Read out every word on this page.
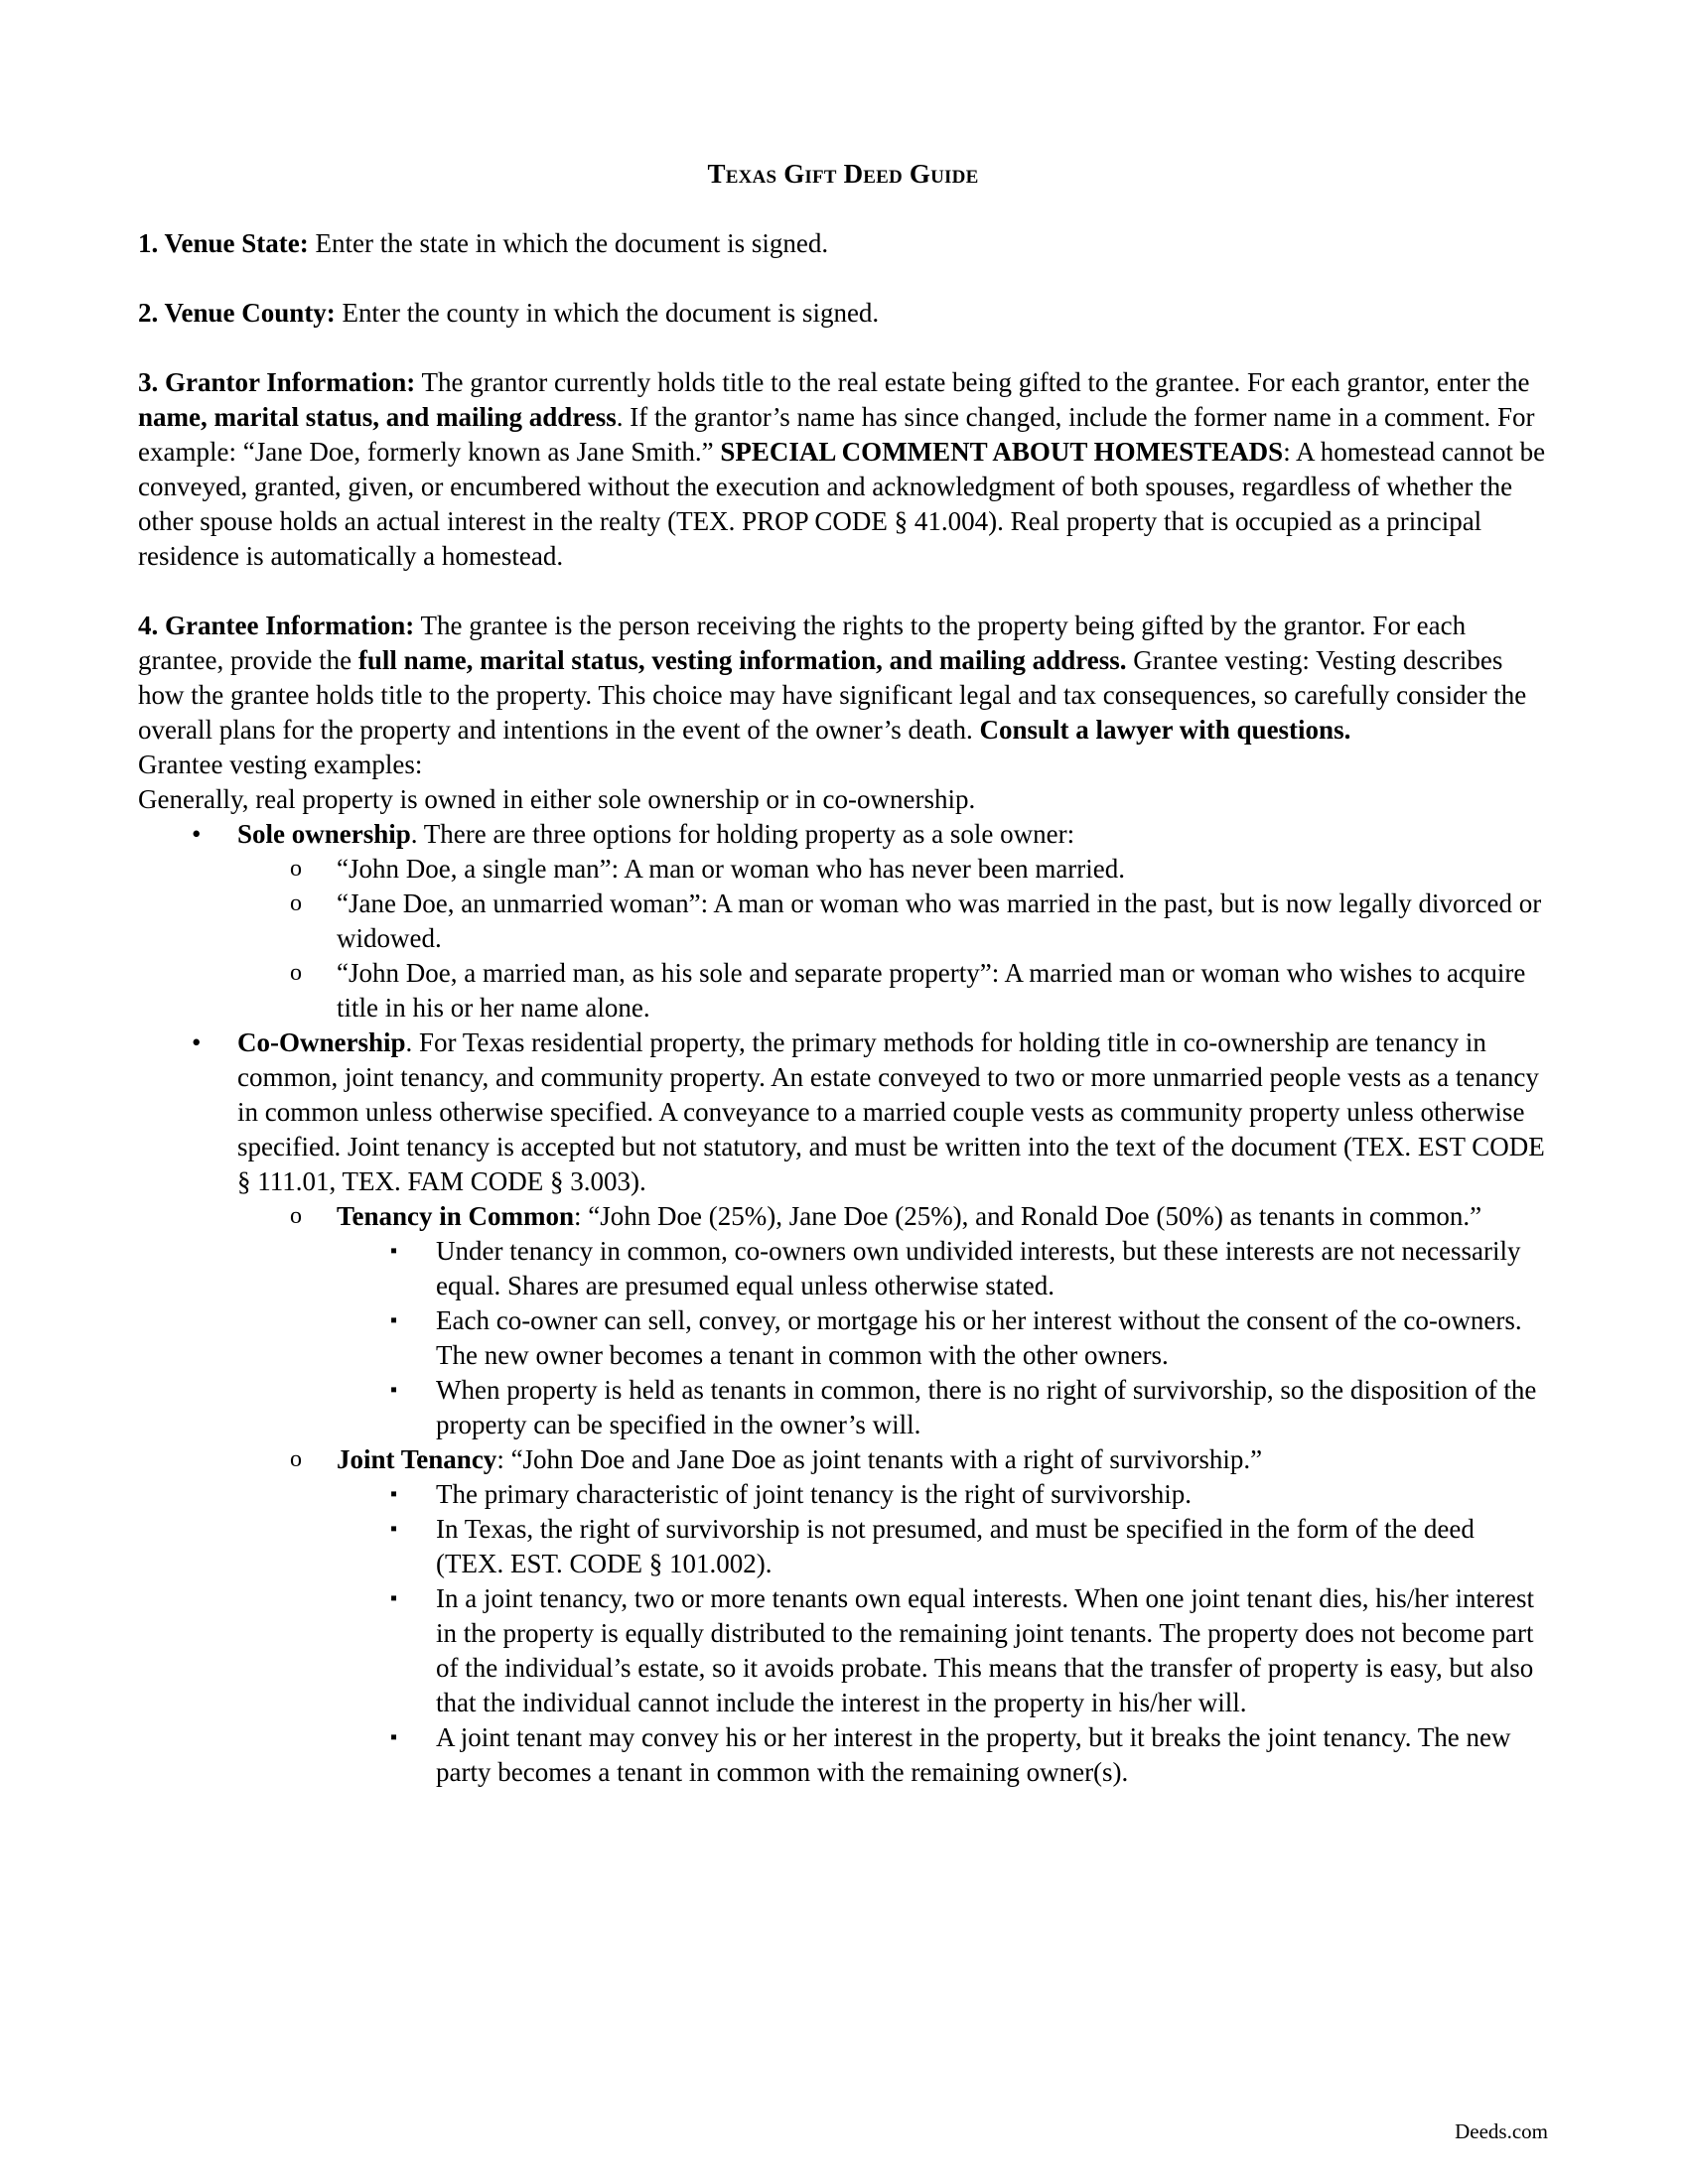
Texas Gift Deed Guide

1. Venue State: Enter the state in which the document is signed.

2. Venue County: Enter the county in which the document is signed.

3. Grantor Information: The grantor currently holds title to the real estate being gifted to the grantee. For each grantor, enter the name, marital status, and mailing address. If the grantor’s name has since changed, include the former name in a comment. For example: “Jane Doe, formerly known as Jane Smith.” SPECIAL COMMENT ABOUT HOMESTEADS: A homestead cannot be conveyed, granted, given, or encumbered without the execution and acknowledgment of both spouses, regardless of whether the other spouse holds an actual interest in the realty (TEX. PROP CODE § 41.004). Real property that is occupied as a principal residence is automatically a homestead.

4. Grantee Information: The grantee is the person receiving the rights to the property being gifted by the grantor. For each grantee, provide the full name, marital status, vesting information, and mailing address. Grantee vesting: Vesting describes how the grantee holds title to the property. This choice may have significant legal and tax consequences, so carefully consider the overall plans for the property and intentions in the event of the owner’s death. Consult a lawyer with questions.

Grantee vesting examples:

Generally, real property is owned in either sole ownership or in co-ownership.

• Sole ownership. There are three options for holding property as a sole owner:
o “John Doe, a single man”: A man or woman who has never been married.
o “Jane Doe, an unmarried woman”: A man or woman who was married in the past, but is now legally divorced or widowed.
o “John Doe, a married man, as his sole and separate property”: A married man or woman who wishes to acquire title in his or her name alone.
• Co-Ownership. For Texas residential property, the primary methods for holding title in co-ownership are tenancy in common, joint tenancy, and community property. An estate conveyed to two or more unmarried people vests as a tenancy in common unless otherwise specified. A conveyance to a married couple vests as community property unless otherwise specified. Joint tenancy is accepted but not statutory, and must be written into the text of the document (TEX. EST CODE § 111.01, TEX. FAM CODE § 3.003).
o Tenancy in Common: “John Doe (25%), Jane Doe (25%), and Ronald Doe (50%) as tenants in common.”
▪ Under tenancy in common, co-owners own undivided interests, but these interests are not necessarily equal. Shares are presumed equal unless otherwise stated.
▪ Each co-owner can sell, convey, or mortgage his or her interest without the consent of the co-owners. The new owner becomes a tenant in common with the other owners.
▪ When property is held as tenants in common, there is no right of survivorship, so the disposition of the property can be specified in the owner’s will.
o Joint Tenancy: “John Doe and Jane Doe as joint tenants with a right of survivorship.”
▪ The primary characteristic of joint tenancy is the right of survivorship.
▪ In Texas, the right of survivorship is not presumed, and must be specified in the form of the deed (TEX. EST. CODE § 101.002).
▪ In a joint tenancy, two or more tenants own equal interests. When one joint tenant dies, his/her interest in the property is equally distributed to the remaining joint tenants. The property does not become part of the individual’s estate, so it avoids probate. This means that the transfer of property is easy, but also that the individual cannot include the interest in the property in his/her will.
▪ A joint tenant may convey his or her interest in the property, but it breaks the joint tenancy. The new party becomes a tenant in common with the remaining owner(s).
Deeds.com
